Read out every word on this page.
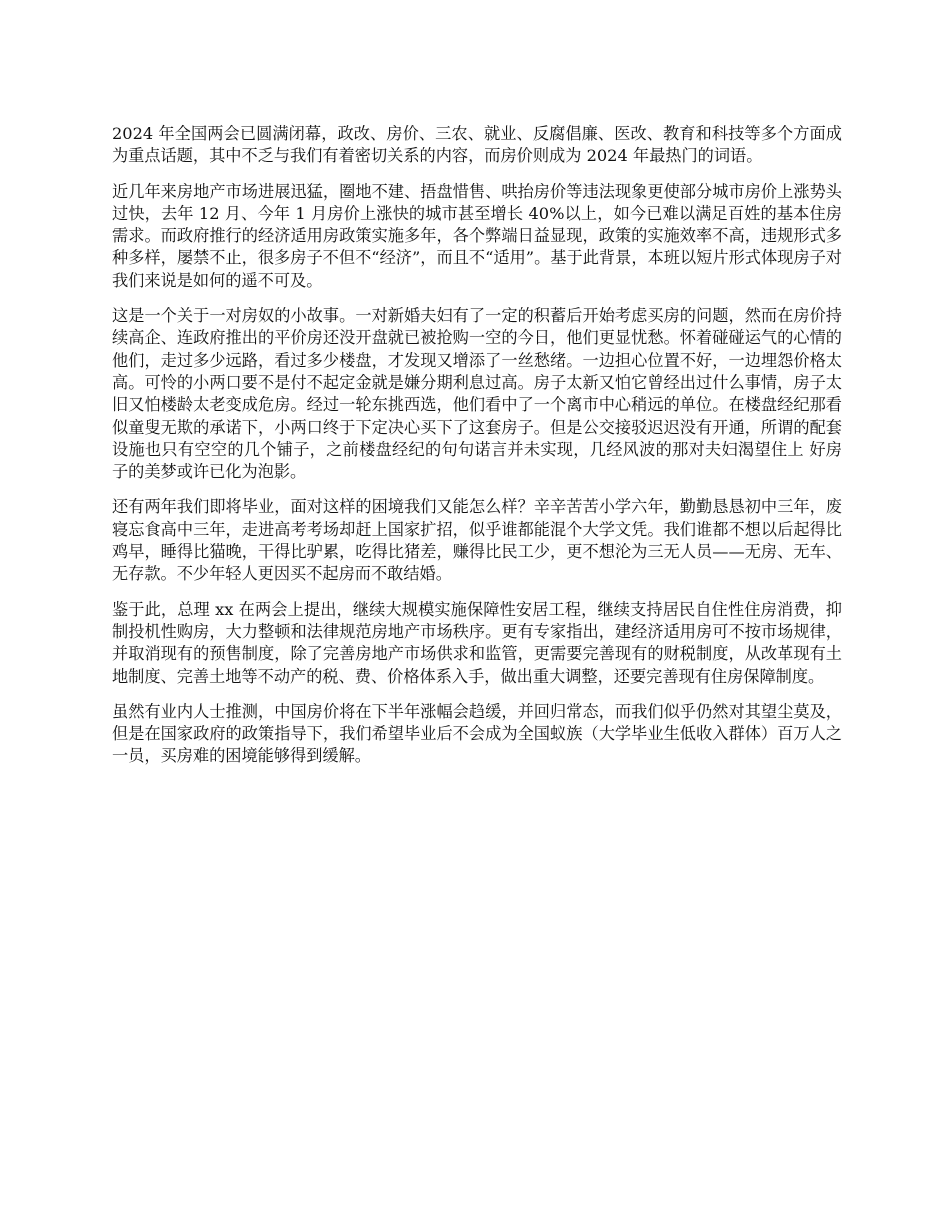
2024 年全国两会已圆满闭幕，政改、房价、三农、就业、反腐倡廉、医改、教育和科技等多个方面成为重点话题，其中不乏与我们有着密切关系的内容，而房价则成为 2024 年最热门的词语。

近几年来房地产市场进展迅猛，圈地不建、捂盘惜售、哄抬房价等违法现象更使部分城市房价上涨势头过快，去年 12 月、今年 1 月房价上涨快的城市甚至增长 40%以上，如今已难以满足百姓的基本住房需求。而政府推行的经济适用房政策实施多年，各个弊端日益显现，政策的实施效率不高，违规形式多种多样，屡禁不止，很多房子不但不“经济”，而且不“适用”。基于此背景，本班以短片形式体现房子对我们来说是如何的遥不可及。

这是一个关于一对房奴的小故事。一对新婚夫妇有了一定的积蓄后开始考虑买房的问题，然而在房价持续高企、连政府推出的平价房还没开盘就已被抢购一空的今日，他们更显忧愁。怀着碰碰运气的心情的他们，走过多少远路，看过多少楼盘，才发现又增添了一丝愁绪。一边担心位置不好，一边埋怨价格太高。可怜的小两口要不是付不起定金就是嫌分期利息过高。房子太新又怕它曾经出过什么事情，房子太旧又怕楼龄太老变成危房。经过一轮东挑西选，他们看中了一个离市中心稍远的单位。在楼盘经纪那看似童叟无欺的承诺下，小两口终于下定决心买下了这套房子。但是公交接驳迟迟没有开通，所谓的配套设施也只有空空的几个铺子，之前楼盘经纪的句句诺言并未实现，几经风波的那对夫妇渴望住上 好房子的美梦或许已化为泡影。

还有两年我们即将毕业，面对这样的困境我们又能怎么样？辛辛苦苦小学六年，勤勤恳恳初中三年，废寝忘食高中三年，走进高考考场却赶上国家扩招，似乎谁都能混个大学文凭。我们谁都不想以后起得比鸡早，睡得比猫晚，干得比驴累，吃得比猪差，赚得比民工少，更不想沦为三无人员——无房、无车、无存款。不少年轻人更因买不起房而不敢结婚。

鉴于此，总理 xx 在两会上提出，继续大规模实施保障性安居工程，继续支持居民自住性住房消费，抑制投机性购房，大力整顿和法律规范房地产市场秩序。更有专家指出，建经济适用房可不按市场规律，并取消现有的预售制度，除了完善房地产市场供求和监管，更需要完善现有的财税制度，从改革现有土地制度、完善土地等不动产的税、费、价格体系入手，做出重大调整，还要完善现有住房保障制度。

虽然有业内人士推测，中国房价将在下半年涨幅会趋缓，并回归常态，而我们似乎仍然对其望尘莫及，但是在国家政府的政策指导下，我们希望毕业后不会成为全国蚁族（大学毕业生低收入群体）百万人之一员，买房难的困境能够得到缓解。
